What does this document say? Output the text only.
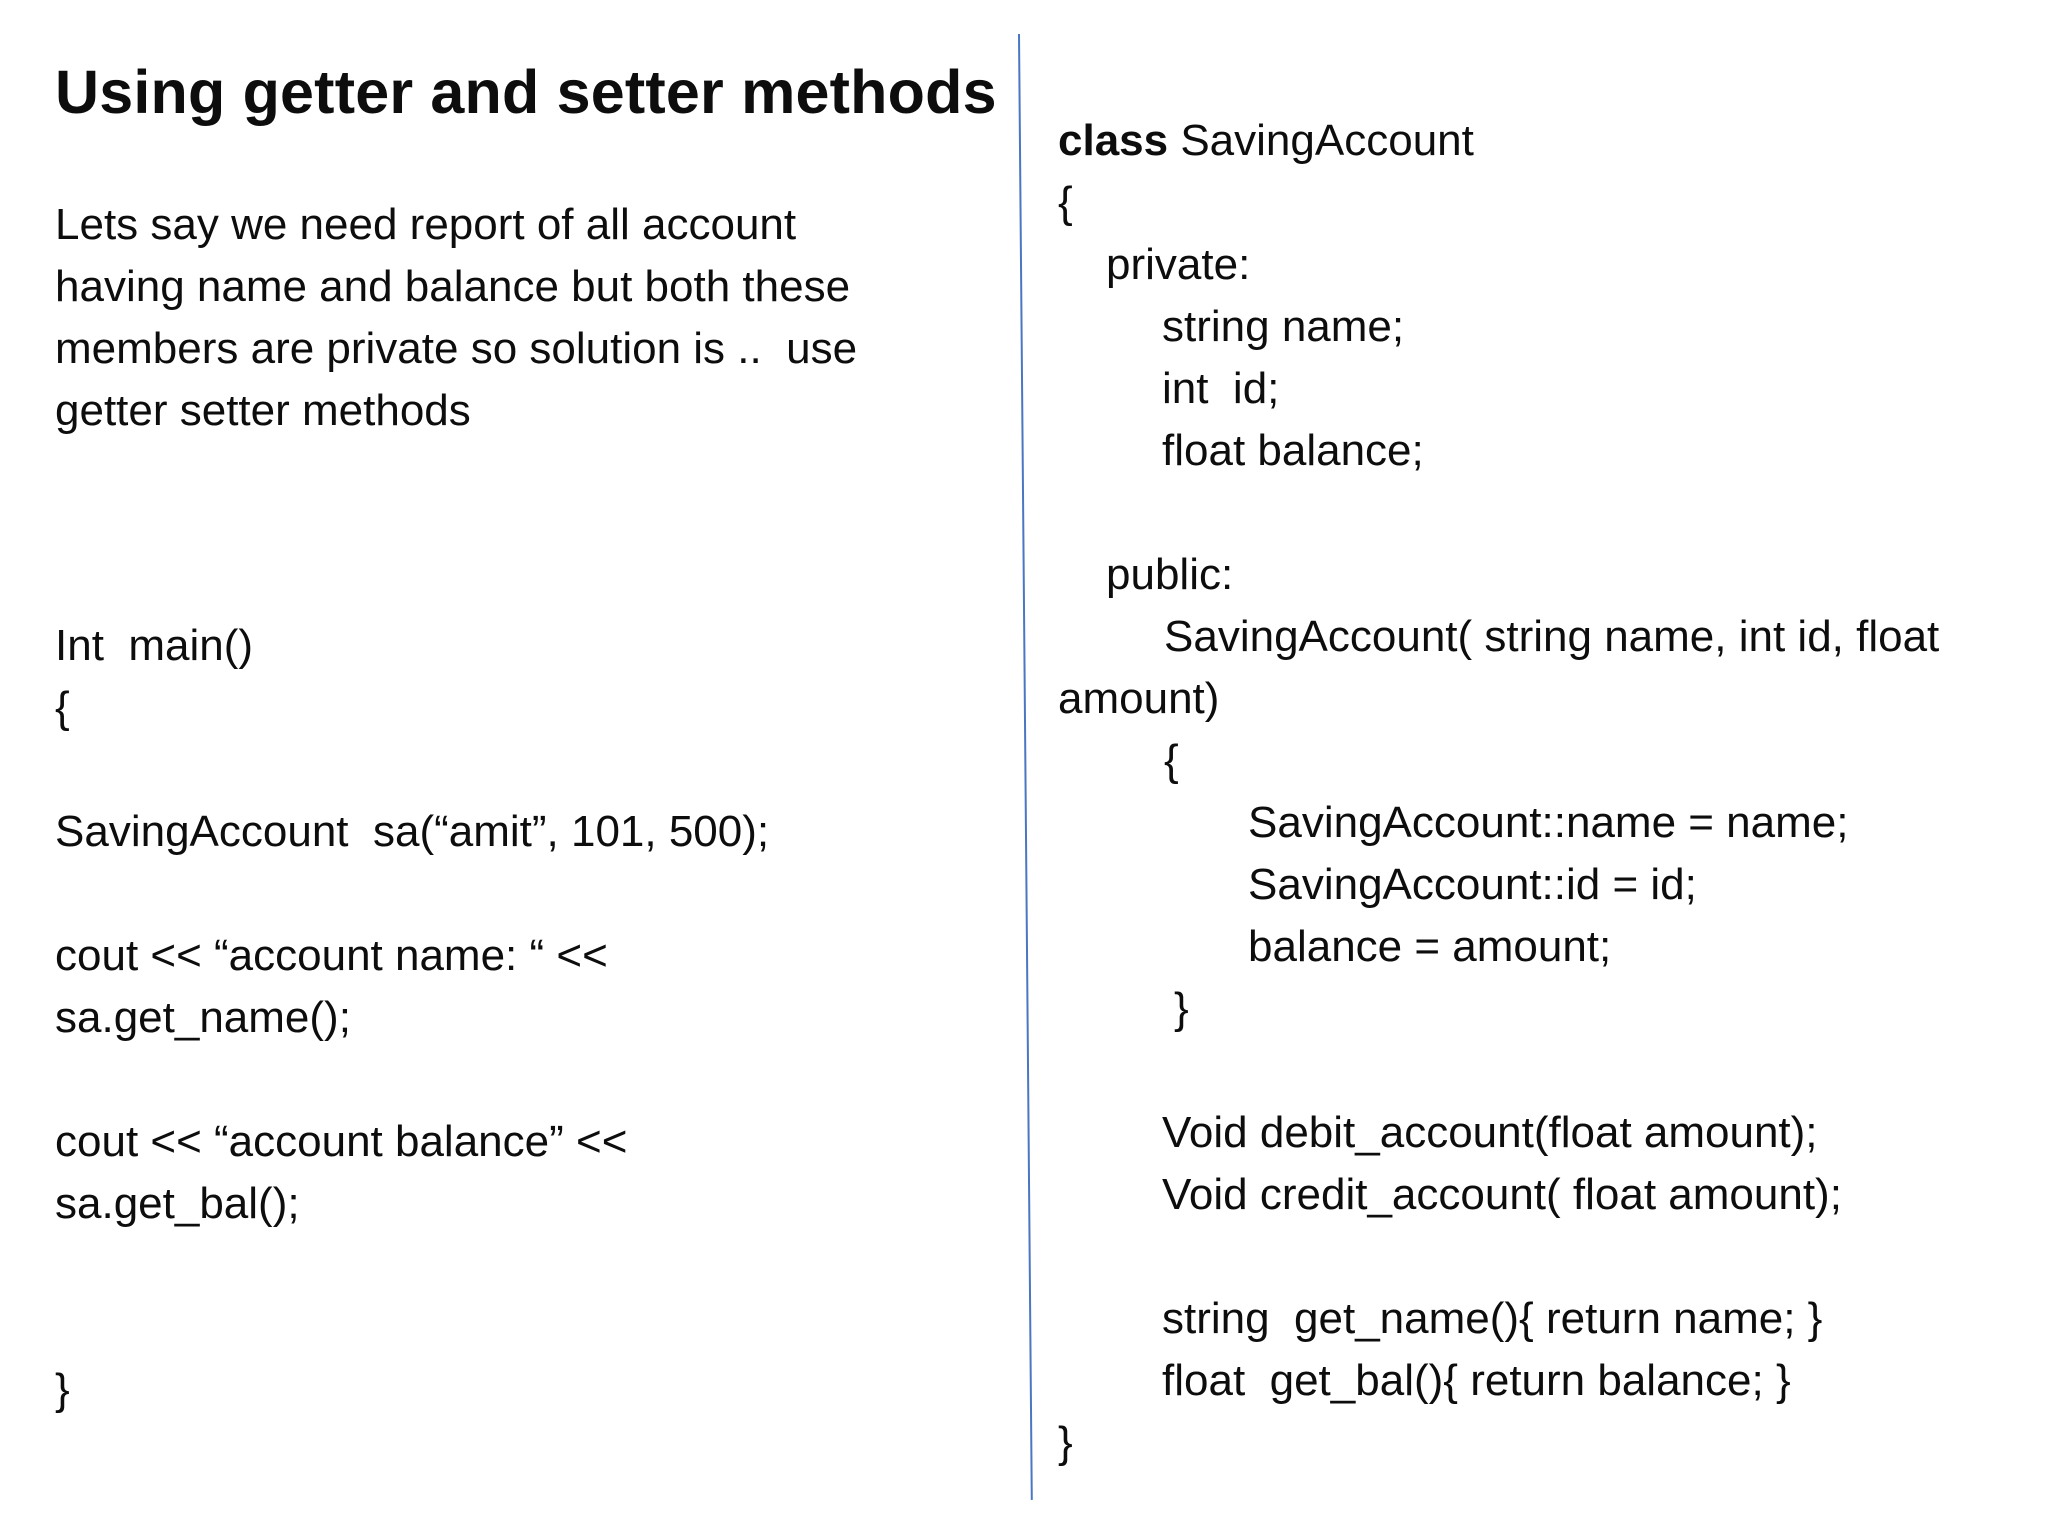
Using getter and setter methods

Lets say we need report of all account
having name and balance but both these
members are private so solution is ..  use
getter setter methods

Int  main()
{
SavingAccount  sa(“amit”, 101, 500);
cout << “account name: “ <<
sa.get_name();
cout << “account balance” <<
sa.get_bal();
}
class SavingAccount
{
private:
string name;
int  id;
float balance;
public:
SavingAccount( string name, int id, float
amount)
{
SavingAccount::name = name;
SavingAccount::id = id;
balance = amount;
}
Void debit_account(float amount);
Void credit_account( float amount);
string  get_name(){ return name; }
float  get_bal(){ return balance; }
}
